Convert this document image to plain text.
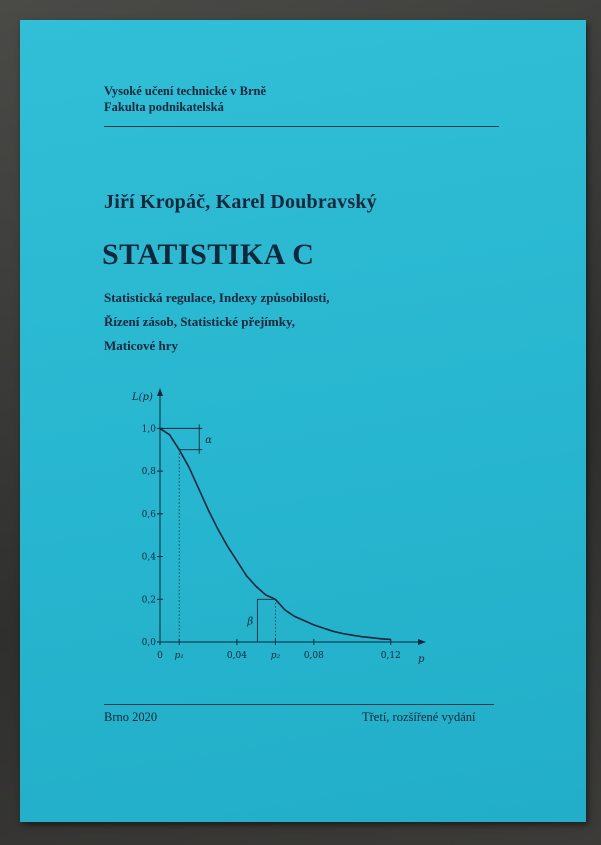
Vysoké učení technické v Brně
Fakulta podnikatelská
Jiří Kropáč, Karel Doubravský
STATISTIKA C
Statistická regulace, Indexy způsobilosti,
Řízení zásob, Statistické přejímky,
Maticové hry
L(p)
p
0,0
0,2
0,4
0,6
0,8
1,0
0 p₁	0,04	p₂	0,08	0,12
α
β
Brno 2020	Třetí, rozšířené vydání
